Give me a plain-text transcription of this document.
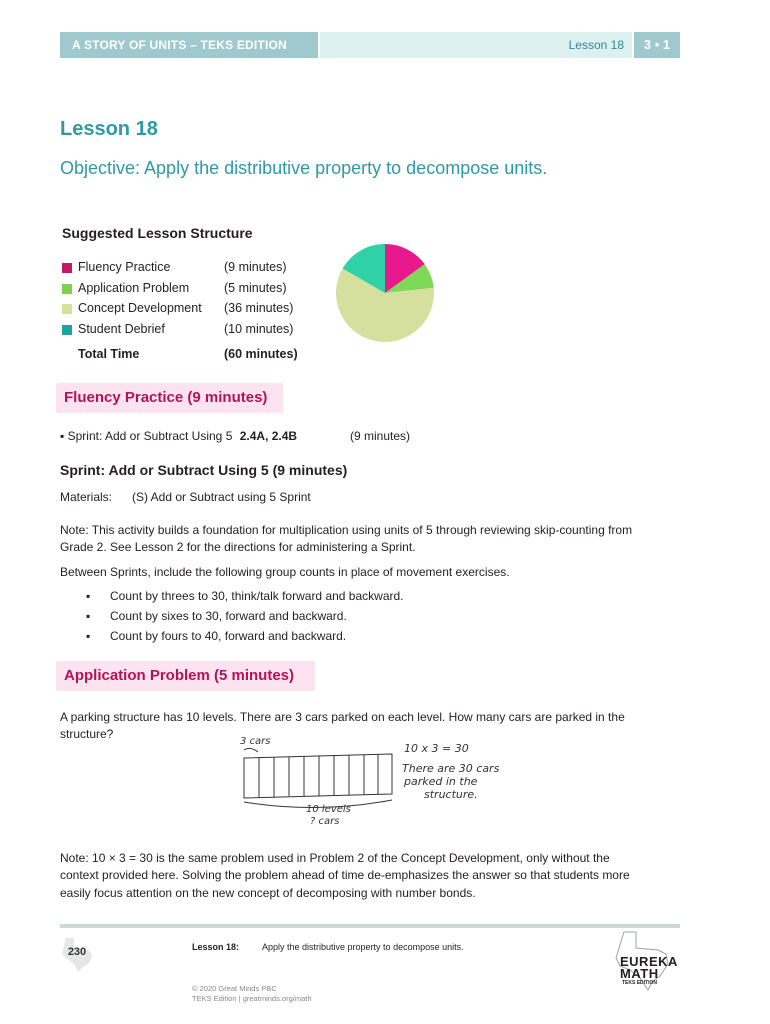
A STORY OF UNITS – TEKS EDITION	Lesson 18	3 • 1
Lesson 18
Objective: Apply the distributive property to decompose units.
Suggested Lesson Structure
Fluency Practice	(9 minutes)
Application Problem	(5 minutes)
Concept Development (36 minutes)
Student Debrief	(10 minutes)
Total Time	(60 minutes)
Fluency Practice (9 minutes)
▪ Sprint: Add or Subtract Using 5 2.4A, 2.4B	(9 minutes)
Sprint: Add or Subtract Using 5 (9 minutes)
Materials: (S) Add or Subtract using 5 Sprint
Note: This activity builds a foundation for multiplication using units of 5 through reviewing skip-counting from
Grade 2. See Lesson 2 for the directions for administering a Sprint.
Between Sprints, include the following group counts in place of movement exercises.
▪ Count by threes to 30, think/talk forward and backward.
▪ Count by sixes to 30, forward and backward.
▪ Count by fours to 40, forward and backward.
Application Problem (5 minutes)
A parking structure has 10 levels. There are 3 cars parked on each level. How many cars are parked in the
structure?
3 cars
10 x 3 = 30
There are 30 cars
parked in the
structure.
10 levels
? cars
Note: 10 × 3 = 30 is the same problem used in Problem 2 of the Concept Development, only without the
context provided here. Solving the problem ahead of time de-emphasizes the answer so that students more
easily focus attention on the new concept of decomposing with number bonds.
230	Lesson 18:	Apply the distributive property to decompose units.
© 2020 Great Minds PBC
TEKS Edition | greatminds.org/math
EUREKA
MATH
TEKS EDITION
